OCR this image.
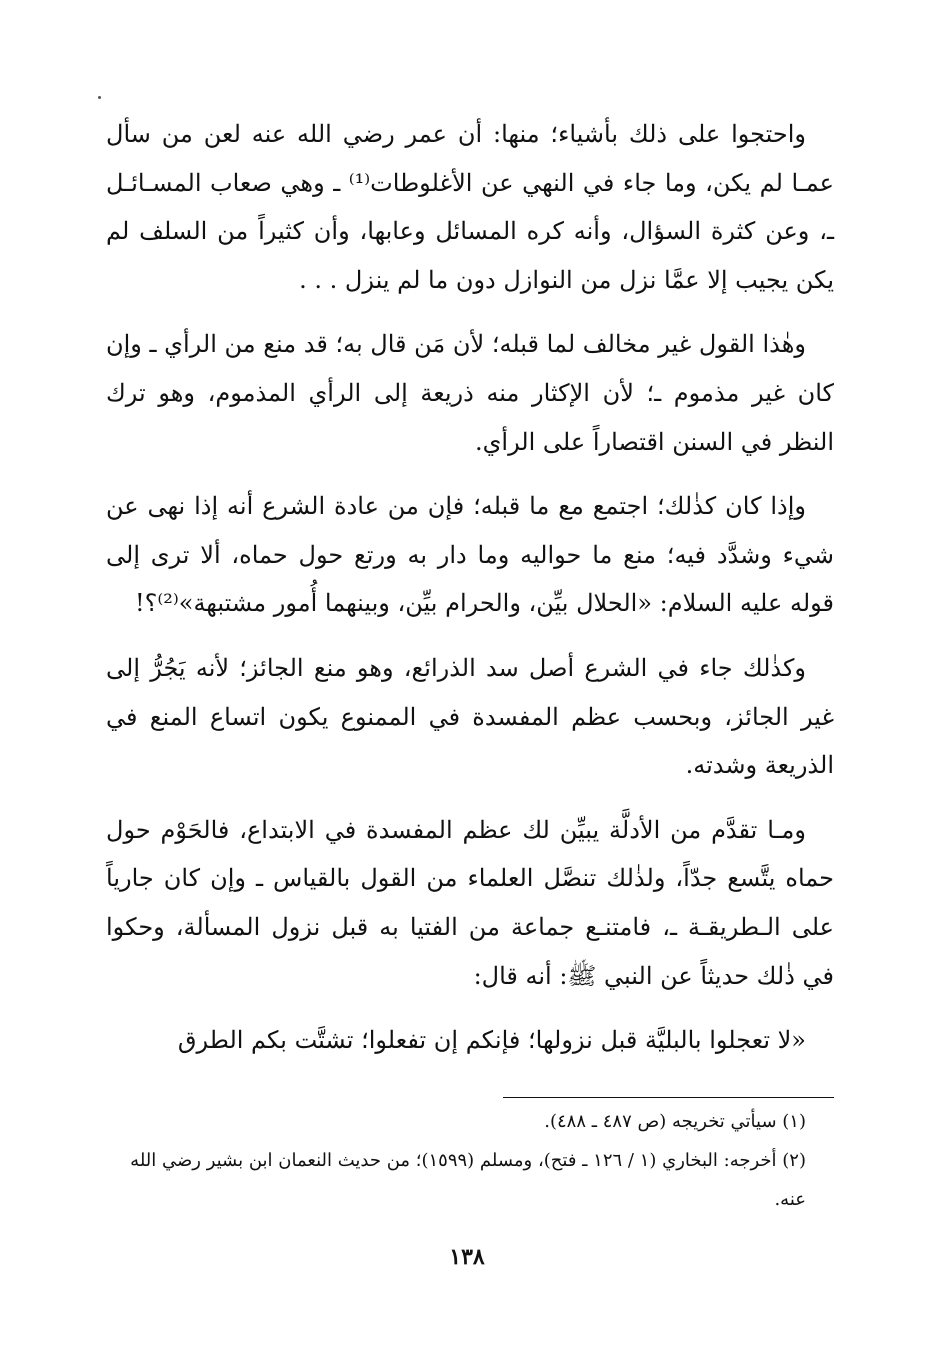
واحتجوا على ذلك بأشياء؛ منها: أن عمر رضي الله عنه لعن من سأل عمـا لم يكن، وما جاء في النهي عن الأغلوطات⁽¹⁾ ـ وهي صعاب المسـائـل ـ، وعن كثرة السؤال، وأنه كره المسائل وعابها، وأن كثيراً من السلف لم يكن يجيب إلا عمَّا نزل من النوازل دون ما لم ينزل . . .

وهٰذا القول غير مخالف لما قبله؛ لأن مَن قال به؛ قد منع من الرأي ـ وإن كان غير مذموم ـ؛ لأن الإكثار منه ذريعة إلى الرأي المذموم، وهو ترك النظر في السنن اقتصاراً على الرأي.

وإذا كان كذٰلك؛ اجتمع مع ما قبله؛ فإن من عادة الشرع أنه إذا نهى عن شيء وشدَّد فيه؛ منع ما حواليه وما دار به ورتع حول حماه، ألا ترى إلى قوله عليه السلام: «الحلال بيِّن، والحرام بيِّن، وبينهما أُمور مشتبهة»⁽²⁾؟!

وكذٰلك جاء في الشرع أصل سد الذرائع، وهو منع الجائز؛ لأنه يَجُرُّ إلى غير الجائز، وبحسب عظم المفسدة في الممنوع يكون اتساع المنع في الذريعة وشدته.

ومـا تقدَّم من الأدلَّة يبيِّن لك عظم المفسدة في الابتداع، فالحَوْم حول حماه يتَّسع جدّاً، ولذٰلك تنصَّل العلماء من القول بالقياس ـ وإن كان جارياً على الـطريقـة ـ، فامتنـع جماعة من الفتيا به قبل نزول المسألة، وحكوا في ذٰلك حديثاً عن النبي ﷺ: أنه قال:

«لا تعجلوا بالبليَّة قبل نزولها؛ فإنكم إن تفعلوا؛ تشتَّت بكم الطرق

(١) سيأتي تخريجه (ص ٤٨٧ ـ ٤٨٨).

(٢) أخرجه: البخاري (١ / ١٢٦ ـ فتح)، ومسلم (١٥٩٩)؛ من حديث النعمان ابن بشير رضي الله عنه.

١٣٨
